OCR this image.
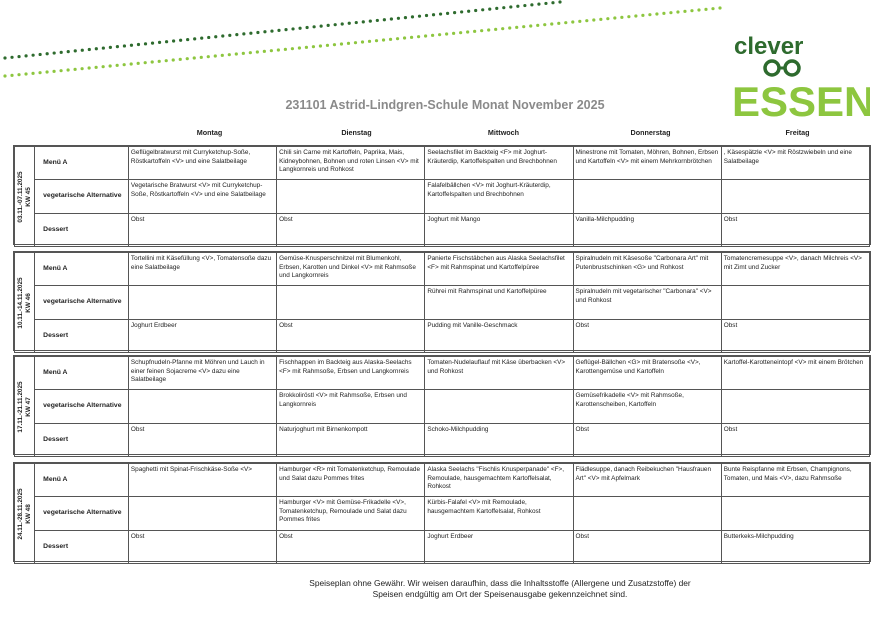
clever
ESSEN
231101 Astrid-Lindgren-Schule Monat November 2025
Montag	Dienstag	Mittwoch	Donnerstag	Freitag
03.11.-07.11.2025 KW 45	Menü A	Geflügelbratwurst mit Curryketchup-Soße, Röstkartoffeln <V> und eine Salatbeilage	Chili sin Carne mit Kartoffeln, Paprika, Mais, Kidneybohnen, Bohnen und roten Linsen <V> mit Langkornreis und Rohkost	Seelachsfilet im Backteig <F> mit Joghurt-Kräuterdip, Kartoffelspalten und Brechbohnen	Minestrone mit Tomaten, Möhren, Bohnen, Erbsen und Kartoffeln <V> mit einem Mehrkornbrötchen	, Käsespätzle <V> mit Röstzwiebeln und eine Salatbeilage
	vegetarische Alternative	Vegetarische Bratwurst <V> mit Curryketchup-Soße, Röstkartoffeln <V> und eine Salatbeilage		Falafelbällchen <V> mit Joghurt-Kräuterdip, Kartoffelspalten und Brechbohnen		
	Dessert	Obst	Obst	Joghurt mit Mango	Vanilla-Milchpudding	Obst
10.11.-14.11.2025 KW 46	Menü A	Tortellini mit Käsefüllung <V>, Tomatensoße dazu eine Salatbeilage	Gemüse-Knusperschnitzel mit Blumenkohl, Erbsen, Karotten und Dinkel <V> mit Rahmsoße und Langkornreis	Panierte Fischstäbchen aus Alaska Seelachsfilet <F> mit Rahmspinat und Kartoffelpüree	Spiralnudeln mit Käsesoße "Carbonara Art" mit Putenbrustschinken <G> und Rohkost	Tomatencremesuppe <V>, danach Milchreis <V> mit Zimt und Zucker
	vegetarische Alternative			Rührei mit Rahmspinat und Kartoffelpüree	Spiralnudeln mit vegetarischer "Carbonara" <V> und Rohkost	
	Dessert	Joghurt Erdbeer	Obst	Pudding mit Vanille-Geschmack	Obst	Obst
17.11.-21.11.2025 KW 47	Menü A	Schupfnudeln-Pfanne mit Möhren und Lauch in einer feinen Sojacreme <V> dazu eine Salatbeilage	Fischhappen im Backteig aus Alaska-Seelachs <F> mit Rahmsoße, Erbsen und Langkornreis	Tomaten-Nudelauflauf mit Käse überbacken <V> und Rohkost	Geflügel-Bällchen <G> mit Bratensoße <V>, Karottengemüse und Kartoffeln	Kartoffel-Karotteneintopf <V> mit einem Brötchen
	vegetarische Alternative		Brokkoliröstl <V> mit Rahmsoße, Erbsen und Langkornreis		Gemüsefrikadelle <V> mit Rahmsoße, Karottenscheiben, Kartoffeln	
	Dessert	Obst	Naturjoghurt mit Birnenkompott	Schoko-Milchpudding	Obst	Obst
24.11.-28.11.2025 KW 48	Menü A	Spaghetti mit Spinat-Frischkäse-Soße <V>	Hamburger <R> mit Tomatenketchup, Remoulade und Salat dazu Pommes frites	Alaska Seelachs "Fischlis Knusperpanade" <F>, Remoulade, hausgemachtem Kartoffelsalat, Rohkost	Flädlesuppe, danach Reibekuchen "Hausfrauen Art" <V> mit Apfelmark	Bunte Reispfanne mit Erbsen, Champignons, Tomaten, und Mais <V>, dazu Rahmsoße
	vegetarische Alternative		Hamburger <V> mit Gemüse-Frikadelle <V>, Tomatenketchup, Remoulade und Salat dazu Pommes frites	Kürbis-Falafel <V> mit Remoulade, hausgemachtem Kartoffelsalat, Rohkost		
	Dessert	Obst	Obst	Joghurt Erdbeer	Obst	Butterkeks-Milchpudding
Speiseplan ohne Gewähr. Wir weisen daraufhin, dass die Inhaltsstoffe (Allergene und Zusatzstoffe) der Speisen endgültig am Ort der Speisenausgabe gekennzeichnet sind.
